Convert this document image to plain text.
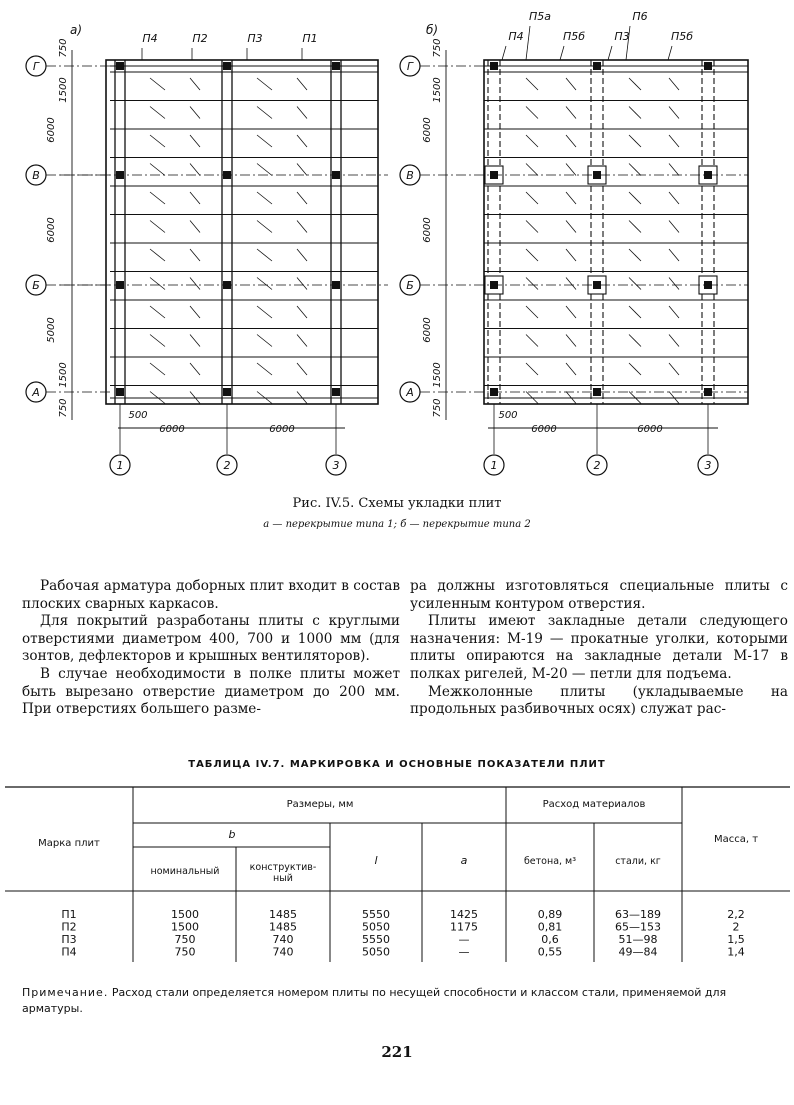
а)
П4	П2	П3	П1
Г
В
Б
А
750
1500
6000
6000
5000
1500
750	500
6000	6000
1	2	3
б)
П5а
П4	П5б
П6
П3	П5б
Г
В
Б
А
750
1500
6000
6000
6000
1500
750	500
6000	6000
1	2	3
Рис. IV.5. Схемы укладки плит
а — перекрытие типа 1; б — перекрытие типа 2

Рабочая арматура доборных плит входит в состав плоских сварных каркасов.

Для покрытий разработаны плиты с круглыми отверстиями диаметром 400, 700 и 1000 мм (для зонтов, дефлекторов и крышных вентиляторов).

В случае необходимости в полке плиты может быть вырезано отверстие диаметром до 200 мм. При отверстиях большего разме-

ра должны изготовляться специальные плиты с усиленным контуром отверстия.

Плиты имеют закладные детали следующего назначения: М-19 — прокатные уголки, которыми плиты опираются на закладные детали М-17 в полках ригелей, М-20 — петли для подъема.

Межколонные плиты (укладываемые на продольных разбивочных осях) служат рас-

ТАБЛИЦА IV.7. МАРКИРОВКА И ОСНОВНЫЕ ПОКАЗАТЕЛИ ПЛИТ
Марка плит
Размеры, мм
b
номинальный	конструктив-ный
l	a
Расход материалов
бетона, м³	стали, кг
Масса, т
П1	1500	1485	5550	1425	0,89	63—189	2,2
П2	1500	1485	5050	1175	0,81	65—153	2
П3	750	740	5550	—	0,6	51—98	1,5
П4	750	740	5050	—	0,55	49—84	1,4
Примечание. Расход стали определяется номером плиты по несущей способности и классом стали, применяемой для арматуры.
221
